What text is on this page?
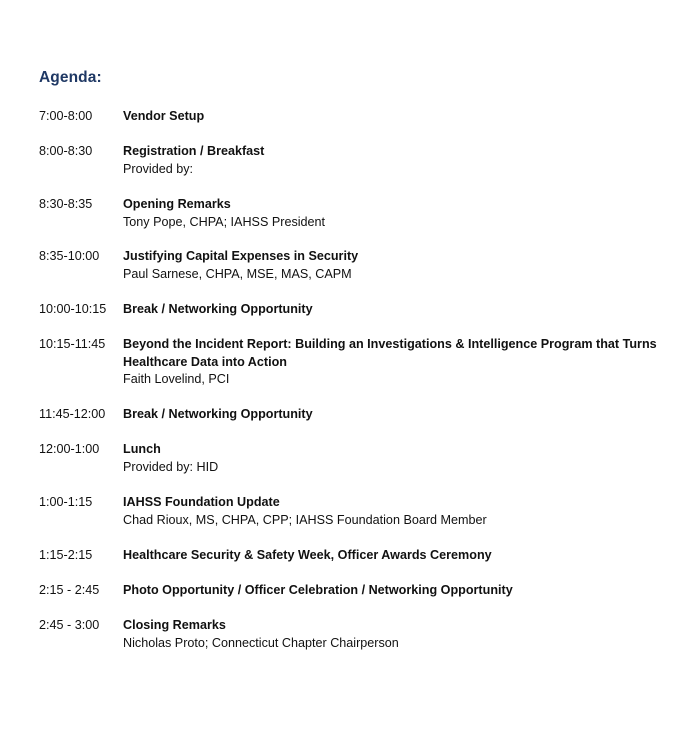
Agenda:
7:00-8:00 Vendor Setup
8:00-8:30 Registration / Breakfast
Provided by:
8:30-8:35 Opening Remarks
Tony Pope, CHPA; IAHSS President
8:35-10:00 Justifying Capital Expenses in Security
Paul Sarnese, CHPA, MSE, MAS, CAPM
10:00-10:15 Break / Networking Opportunity
10:15-11:45 Beyond the Incident Report: Building an Investigations & Intelligence Program that Turns Healthcare Data into Action
Faith Lovelind, PCI
11:45-12:00 Break / Networking Opportunity
12:00-1:00 Lunch
Provided by: HID
1:00-1:15 IAHSS Foundation Update
Chad Rioux, MS, CHPA, CPP; IAHSS Foundation Board Member
1:15-2:15 Healthcare Security & Safety Week, Officer Awards Ceremony
2:15 - 2:45 Photo Opportunity / Officer Celebration / Networking Opportunity
2:45 - 3:00 Closing Remarks
Nicholas Proto; Connecticut Chapter Chairperson
